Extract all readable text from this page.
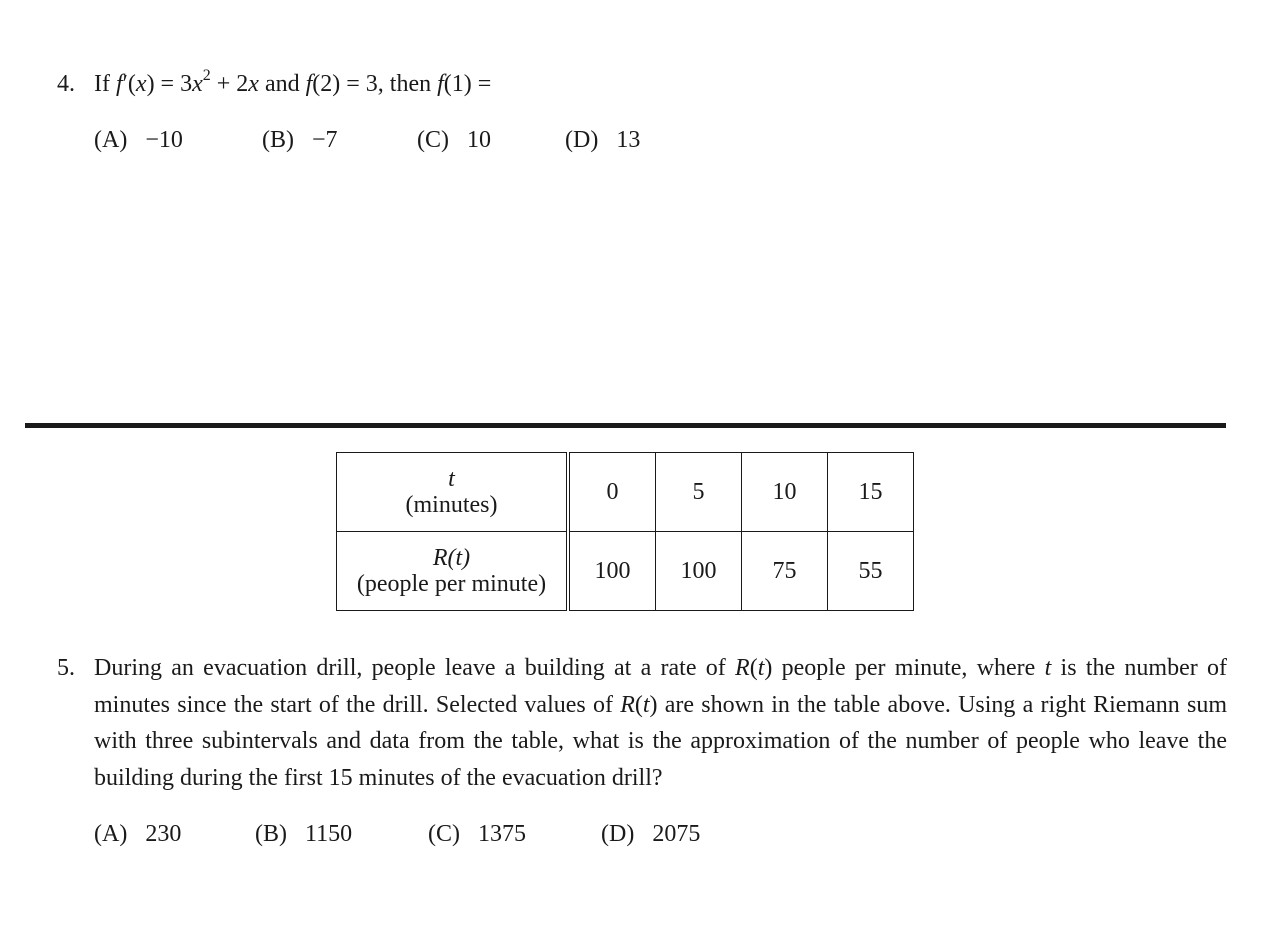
4. If $f'(x) = 3x^2 + 2x$ and f(2) = 3, then f(1) =
(A) −10	(B) −7	(C) 10	(D) 13
t
(minutes)	0	5	10	15

R(t)
(people per minute)	100	100	75	55
5. During an evacuation drill, people leave a building at a rate of R(t) people per minute, where t is the number of minutes since the start of the drill. Selected values of R(t) are shown in the table above. Using a right Riemann sum with three subintervals and data from the table, what is the approximation of the number of people who leave the building during the first 15 minutes of the evacuation drill?
(A) 230	(B) 1150	(C) 1375	(D) 2075
